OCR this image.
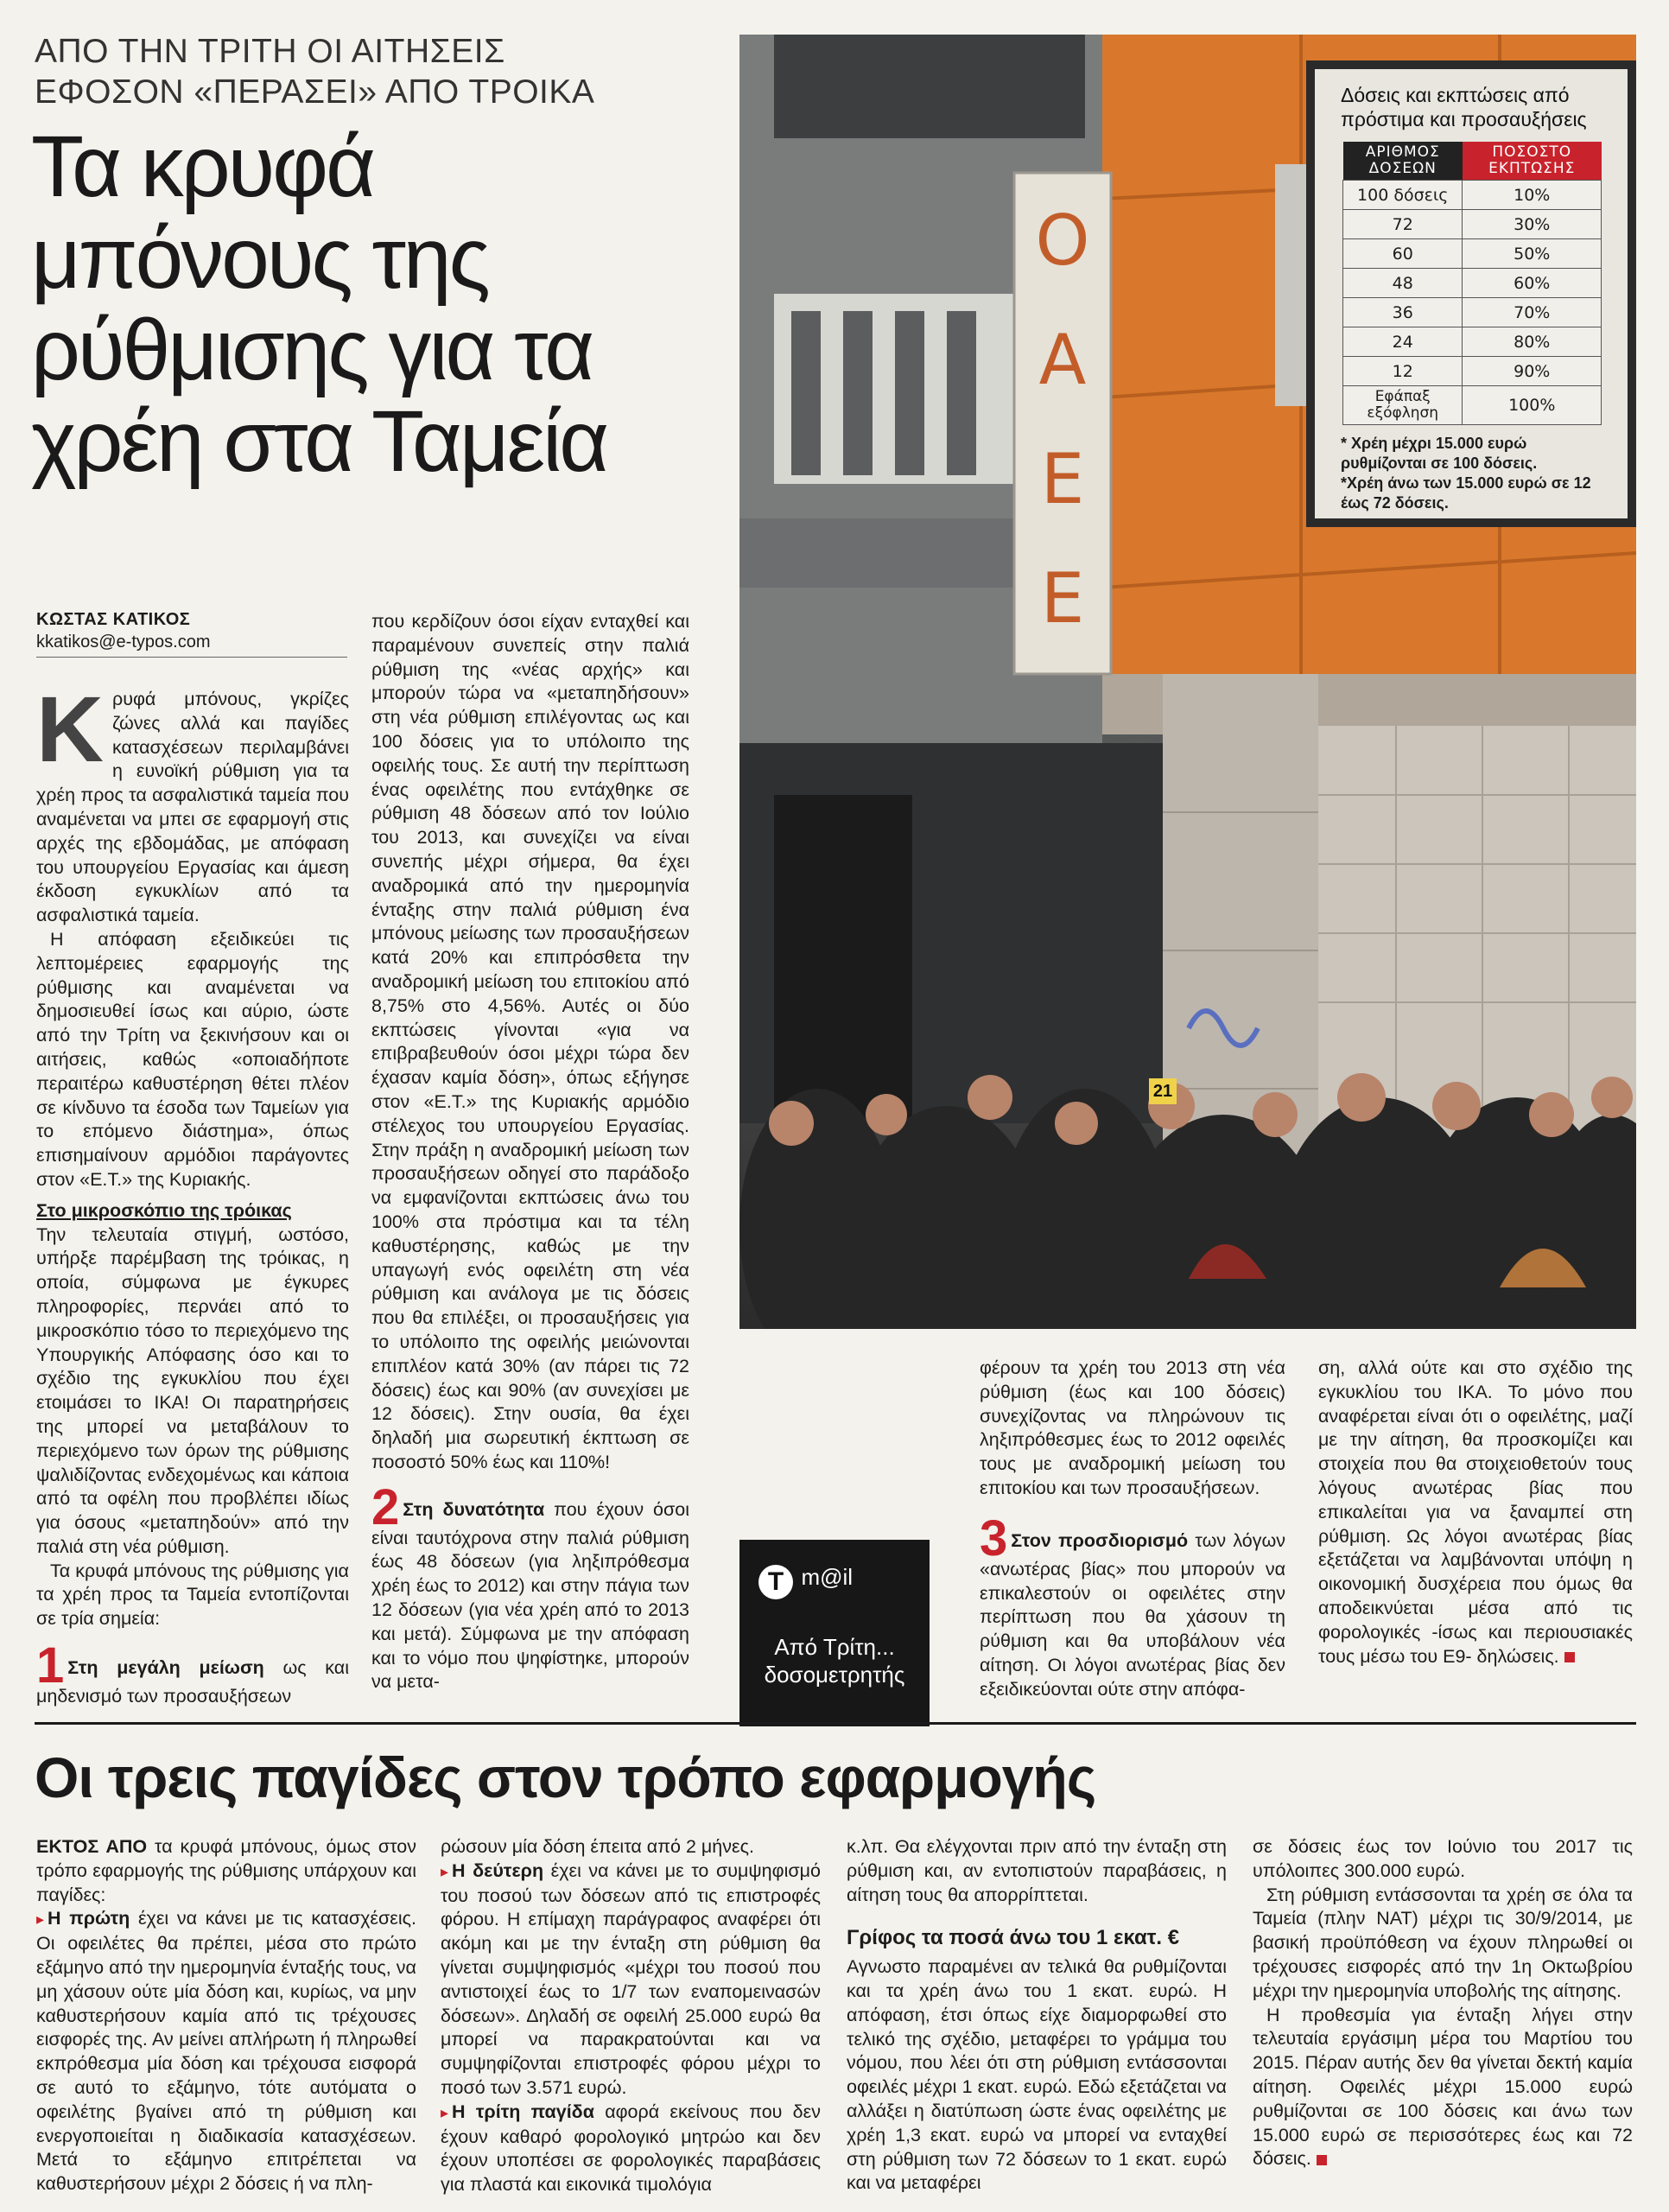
ΑΠΟ ΤΗΝ ΤΡΙΤΗ ΟΙ ΑΙΤΗΣΕΙΣ
ΕΦΟΣΟΝ «ΠΕΡΑΣΕΙ» ΑΠΟ ΤΡΟΙΚΑ
Τα κρυφά
μπόνους της
ρύθμισης για τα
χρέη στα Ταμεία
ΚΩΣΤΑΣ ΚΑΤΙΚΟΣ
kkatikos@e-typos.com

Κρυφά μπόνους, γκρίζες ζώνες αλλά και παγίδες κατασχέσεων περιλαμβάνει η ευνοϊκή ρύθμιση για τα χρέη προς τα ασφαλιστικά ταμεία που αναμένεται να μπει σε εφαρμογή στις αρχές της εβδομάδας, με απόφαση του υπουργείου Εργασίας και άμεση έκδοση εγκυκλίων από τα ασφαλιστικά ταμεία.

Η απόφαση εξειδικεύει τις λεπτομέρειες εφαρμογής της ρύθμισης και αναμένεται να δημοσιευθεί ίσως και αύριο, ώστε από την Τρίτη να ξεκινήσουν και οι αιτήσεις, καθώς «οποιαδήποτε περαιτέρω καθυστέρηση θέτει πλέον σε κίνδυνο τα έσοδα των Ταμείων για το επόμενο διάστημα», όπως επισημαίνουν αρμόδιοι παράγοντες στον «Ε.Τ.» της Κυριακής.

Στο μικροσκόπιο της τρόικας

Την τελευταία στιγμή, ωστόσο, υπήρξε παρέμβαση της τρόικας, η οποία, σύμφωνα με έγκυρες πληροφορίες, περνάει από το μικροσκόπιο τόσο το περιεχόμενο της Υπουργικής Απόφασης όσο και το σχέδιο της εγκυκλίου που έχει ετοιμάσει το ΙΚΑ! Οι παρατηρήσεις της μπορεί να μεταβάλουν το περιεχόμενο των όρων της ρύθμισης ψαλιδίζοντας ενδεχομένως και κάποια από τα οφέλη που προβλέπει ιδίως για όσους «μεταπηδούν» από την παλιά στη νέα ρύθμιση.

Τα κρυφά μπόνους της ρύθμισης για τα χρέη προς τα Ταμεία εντοπίζονται σε τρία σημεία:

1 Στη μεγάλη μείωση ως και μηδενισμό των προσαυξήσεων

που κερδίζουν όσοι είχαν ενταχθεί και παραμένουν συνεπείς στην παλιά ρύθμιση της «νέας αρχής» και μπορούν τώρα να «μεταπηδήσουν» στη νέα ρύθμιση επιλέγοντας ως και 100 δόσεις για το υπόλοιπο της οφειλής τους. Σε αυτή την περίπτωση ένας οφειλέτης που εντάχθηκε σε ρύθμιση 48 δόσεων από τον Ιούλιο του 2013, και συνεχίζει να είναι συνεπής μέχρι σήμερα, θα έχει αναδρομικά από την ημερομηνία ένταξης στην παλιά ρύθμιση ένα μπόνους μείωσης των προσαυξήσεων κατά 20% και επιπρόσθετα την αναδρομική μείωση του επιτοκίου από 8,75% στο 4,56%. Αυτές οι δύο εκπτώσεις γίνονται «για να επιβραβευθούν όσοι μέχρι τώρα δεν έχασαν καμία δόση», όπως εξήγησε στον «Ε.Τ.» της Κυριακής αρμόδιο στέλεχος του υπουργείου Εργασίας. Στην πράξη η αναδρομική μείωση των προσαυξήσεων οδηγεί στο παράδοξο να εμφανίζονται εκπτώσεις άνω του 100% στα πρόστιμα και τα τέλη καθυστέρησης, καθώς με την υπαγωγή ενός οφειλέτη στη νέα ρύθμιση και ανάλογα με τις δόσεις που θα επιλέξει, οι προσαυξήσεις για το υπόλοιπο της οφειλής μειώνονται επιπλέον κατά 30% (αν πάρει τις 72 δόσεις) έως και 90% (αν συνεχίσει με 12 δόσεις). Στην ουσία, θα έχει δηλαδή μια σωρευτική έκπτωση σε ποσοστό 50% έως και 110%!

2 Στη δυνατότητα που έχουν όσοι είναι ταυτόχρονα στην παλιά ρύθμιση έως 48 δόσεων (για ληξιπρόθεσμα χρέη έως το 2012) και στην πάγια των 12 δόσεων (για νέα χρέη από το 2013 και μετά). Σύμφωνα με την απόφαση και το νόμο που ψηφίστηκε, μπορούν να μετα-

Ο
Α
Ε
Ε
21
Δόσεις και εκπτώσεις από πρόστιμα και προσαυξήσεις
ΑΡΙΘΜΟΣ ΔΟΣΕΩΝ	ΠΟΣΟΣΤΟ ΕΚΠΤΩΣΗΣ
100 δόσεις	10%
72	30%
60	50%
48	60%
36	70%
24	80%
12	90%
Εφάπαξ εξόφληση	100%
* Χρέη μέχρι 15.000 ευρώ ρυθμίζονται σε 100 δόσεις.
*Χρέη άνω των 15.000 ευρώ σε 12 έως 72 δόσεις.

φέρουν τα χρέη του 2013 στη νέα ρύθμιση (έως και 100 δόσεις) συνεχίζοντας να πληρώνουν τις ληξιπρόθεσμες έως το 2012 οφειλές τους με αναδρομική μείωση του επιτοκίου και των προσαυξήσεων.

3 Στον προσδιορισμό των λόγων «ανωτέρας βίας» που μπορούν να επικαλεστούν οι οφειλέτες στην περίπτωση που θα χάσουν τη ρύθμιση και θα υποβάλουν νέα αίτηση. Οι λόγοι ανωτέρας βίας δεν εξειδικεύονται ούτε στην απόφα-

ση, αλλά ούτε και στο σχέδιο της εγκυκλίου του ΙΚΑ. Το μόνο που αναφέρεται είναι ότι ο οφειλέτης, μαζί με την αίτηση, θα προσκομίζει και στοιχεία που θα στοιχειοθετούν τους λόγους ανωτέρας βίας που επικαλείται για να ξαναμπεί στη ρύθμιση. Ως λόγοι ανωτέρας βίας εξετάζεται να λαμβάνονται υπόψη η οικονομική δυσχέρεια που όμως θα αποδεικνύεται μέσα από τις φορολογικές -ίσως και περιουσιακές τους μέσω του Ε9- δηλώσεις.

T $^{m@il}$
Από Τρίτη... δοσομετρητής
Οι τρεις παγίδες στον τρόπο εφαρμογής

ΕΚΤΟΣ ΑΠΟ τα κρυφά μπόνους, όμως στον τρόπο εφαρμογής της ρύθμισης υπάρχουν και παγίδες:

▸ Η πρώτη έχει να κάνει με τις κατασχέσεις. Οι οφειλέτες θα πρέπει, μέσα στο πρώτο εξάμηνο από την ημερομηνία ένταξής τους, να μη χάσουν ούτε μία δόση και, κυρίως, να μην καθυστερήσουν καμία από τις τρέχουσες εισφορές της. Αν μείνει απλήρωτη ή πληρωθεί εκπρόθεσμα μία δόση και τρέχουσα εισφορά σε αυτό το εξάμηνο, τότε αυτόματα ο οφειλέτης βγαίνει από τη ρύθμιση και ενεργοποιείται η διαδικασία κατασχέσεων. Μετά το εξάμηνο επιτρέπεται να καθυστερήσουν μέχρι 2 δόσεις ή να πλη-

ρώσουν μία δόση έπειτα από 2 μήνες.

▸ Η δεύτερη έχει να κάνει με το συμψηφισμό του ποσού των δόσεων από τις επιστροφές φόρου. Η επίμαχη παράγραφος αναφέρει ότι ακόμη και με την ένταξη στη ρύθμιση θα γίνεται συμψηφισμός «μέχρι του ποσού που αντιστοιχεί έως το 1/7 των εναπομεινασών δόσεων». Δηλαδή σε οφειλή 25.000 ευρώ θα μπορεί να παρακρατούνται και να συμψηφίζονται επιστροφές φόρου μέχρι το ποσό των 3.571 ευρώ.

▸ Η τρίτη παγίδα αφορά εκείνους που δεν έχουν καθαρό φορολογικό μητρώο και δεν έχουν υποπέσει σε φορολογικές παραβάσεις για πλαστά και εικονικά τιμολόγια

κ.λπ. Θα ελέγχονται πριν από την ένταξη στη ρύθμιση και, αν εντοπιστούν παραβάσεις, η αίτηση τους θα απορρίπτεται.

Γρίφος τα ποσά άνω του 1 εκατ. €

Αγνωστο παραμένει αν τελικά θα ρυθμίζονται και τα χρέη άνω του 1 εκατ. ευρώ. Η απόφαση, έτσι όπως είχε διαμορφωθεί στο τελικό της σχέδιο, μεταφέρει το γράμμα του νόμου, που λέει ότι στη ρύθμιση εντάσσονται οφειλές μέχρι 1 εκατ. ευρώ. Εδώ εξετάζεται να αλλάξει η διατύπωση ώστε ένας οφειλέτης με χρέη 1,3 εκατ. ευρώ να μπορεί να ενταχθεί στη ρύθμιση των 72 δόσεων το 1 εκατ. ευρώ και να μεταφέρει

σε δόσεις έως τον Ιούνιο του 2017 τις υπόλοιπες 300.000 ευρώ.

Στη ρύθμιση εντάσσονται τα χρέη σε όλα τα Ταμεία (πλην ΝΑΤ) μέχρι τις 30/9/2014, με βασική προϋπόθεση να έχουν πληρωθεί οι τρέχουσες εισφορές από την 1η Οκτωβρίου μέχρι την ημερομηνία υποβολής της αίτησης.

Η προθεσμία για ένταξη λήγει στην τελευταία εργάσιμη μέρα του Μαρτίου του 2015. Πέραν αυτής δεν θα γίνεται δεκτή καμία αίτηση. Οφειλές μέχρι 15.000 ευρώ ρυθμίζονται σε 100 δόσεις και άνω των 15.000 ευρώ σε περισσότερες έως και 72 δόσεις.
